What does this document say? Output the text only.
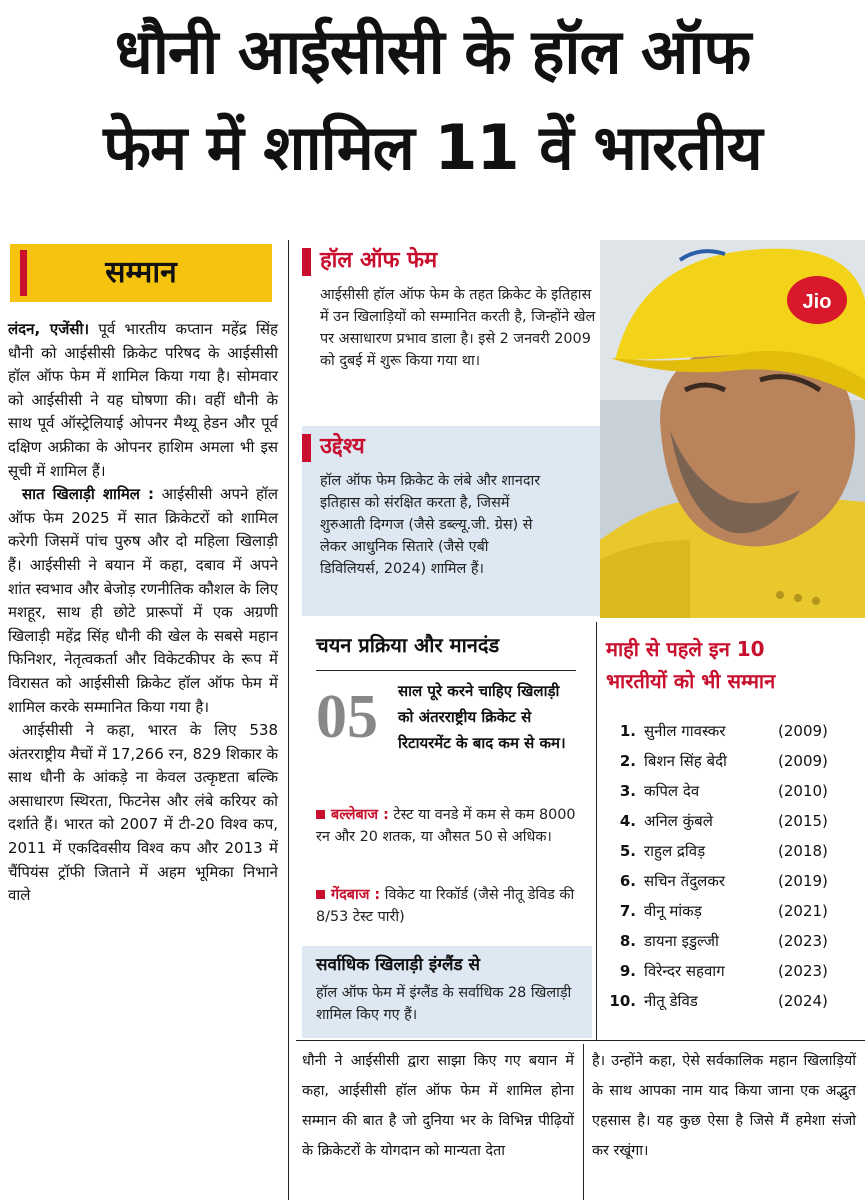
धौनी आईसीसी के हॉल ऑफ
फेम में शामिल 11 वें भारतीय
सम्मान

लंदन, एजेंसी। पूर्व भारतीय कप्तान महेंद्र सिंह धौनी को आईसीसी क्रिकेट परिषद के आईसीसी हॉल ऑफ फेम में शामिल किया गया है। सोमवार को आईसीसी ने यह घोषणा की। वहीं धौनी के साथ पूर्व ऑस्ट्रेलियाई ओपनर मैथ्यू हेडन और पूर्व दक्षिण अफ्रीका के ओपनर हाशिम अमला भी इस सूची में शामिल हैं।

सात खिलाड़ी शामिल : आईसीसी अपने हॉल ऑफ फेम 2025 में सात क्रिकेटरों को शामिल करेगी जिसमें पांच पुरुष और दो महिला खिलाड़ी हैं। आईसीसी ने बयान में कहा, दबाव में अपने शांत स्वभाव और बेजोड़ रणनीतिक कौशल के लिए मशहूर, साथ ही छोटे प्रारूपों में एक अग्रणी खिलाड़ी महेंद्र सिंह धौनी की खेल के सबसे महान फिनिशर, नेतृत्वकर्ता और विकेटकीपर के रूप में विरासत को आईसीसी क्रिकेट हॉल ऑफ फेम में शामिल करके सम्मानित किया गया है।

आईसीसी ने कहा, भारत के लिए 538 अंतरराष्ट्रीय मैचों में 17,266 रन, 829 शिकार के साथ धौनी के आंकड़े ना केवल उत्कृष्टता बल्कि असाधारण स्थिरता, फिटनेस और लंबे करियर को दर्शाते हैं। भारत को 2007 में टी-20 विश्व कप, 2011 में एकदिवसीय विश्व कप और 2013 में चैंपियंस ट्रॉफी जिताने में अहम भूमिका निभाने वाले

हॉल ऑफ फेम
आईसीसी हॉल ऑफ फेम के तहत क्रिकेट के इतिहास में उन खिलाड़ियों को सम्मानित करती है, जिन्होंने खेल पर असाधारण प्रभाव डाला है। इसे 2 जनवरी 2009 को दुबई में शुरू किया गया था।
उद्देश्य
हॉल ऑफ फेम क्रिकेट के लंबे और शानदार इतिहास को संरक्षित करता है, जिसमें शुरुआती दिग्गज (जैसे डब्ल्यू.जी. ग्रेस) से लेकर आधुनिक सितारे (जैसे एबी डिविलियर्स, 2024) शामिल हैं।
Jio
चयन प्रक्रिया और मानदंड
05 साल पूरे करने चाहिए खिलाड़ी को अंतरराष्ट्रीय क्रिकेट से रिटायरमेंट के बाद कम से कम।
बल्लेबाज : टेस्ट या वनडे में कम से कम 8000 रन और 20 शतक, या औसत 50 से अधिक।
गेंदबाज : विकेट या रिकॉर्ड (जैसे नीतू डेविड की 8/53 टेस्ट पारी)
सर्वाधिक खिलाड़ी इंग्लैंड से
हॉल ऑफ फेम में इंग्लैंड के सर्वाधिक 28 खिलाड़ी शामिल किए गए हैं।
माही से पहले इन 10
भारतीयों को भी सम्मान
1. सुनील गावस्कर	(2009)
2. बिशन सिंह बेदी	(2009)
3. कपिल देव	(2010)
4. अनिल कुंबले	(2015)
5. राहुल द्रविड़	(2018)
6. सचिन तेंदुलकर	(2019)
7. वीनू मांकड़	(2021)
8. डायना इडुल्जी	(2023)
9. विरेन्दर सहवाग	(2023)
10. नीतू डेविड	(2024)
धौनी ने आईसीसी द्वारा साझा किए गए बयान में कहा, आईसीसी हॉल ऑफ फेम में शामिल होना सम्मान की बात है जो दुनिया भर के विभिन्न पीढ़ियों के क्रिकेटरों के योगदान को मान्यता देता
है। उन्होंने कहा, ऐसे सर्वकालिक महान खिलाड़ियों के साथ आपका नाम याद किया जाना एक अद्भुत एहसास है। यह कुछ ऐसा है जिसे मैं हमेशा संजो कर रखूंगा।
